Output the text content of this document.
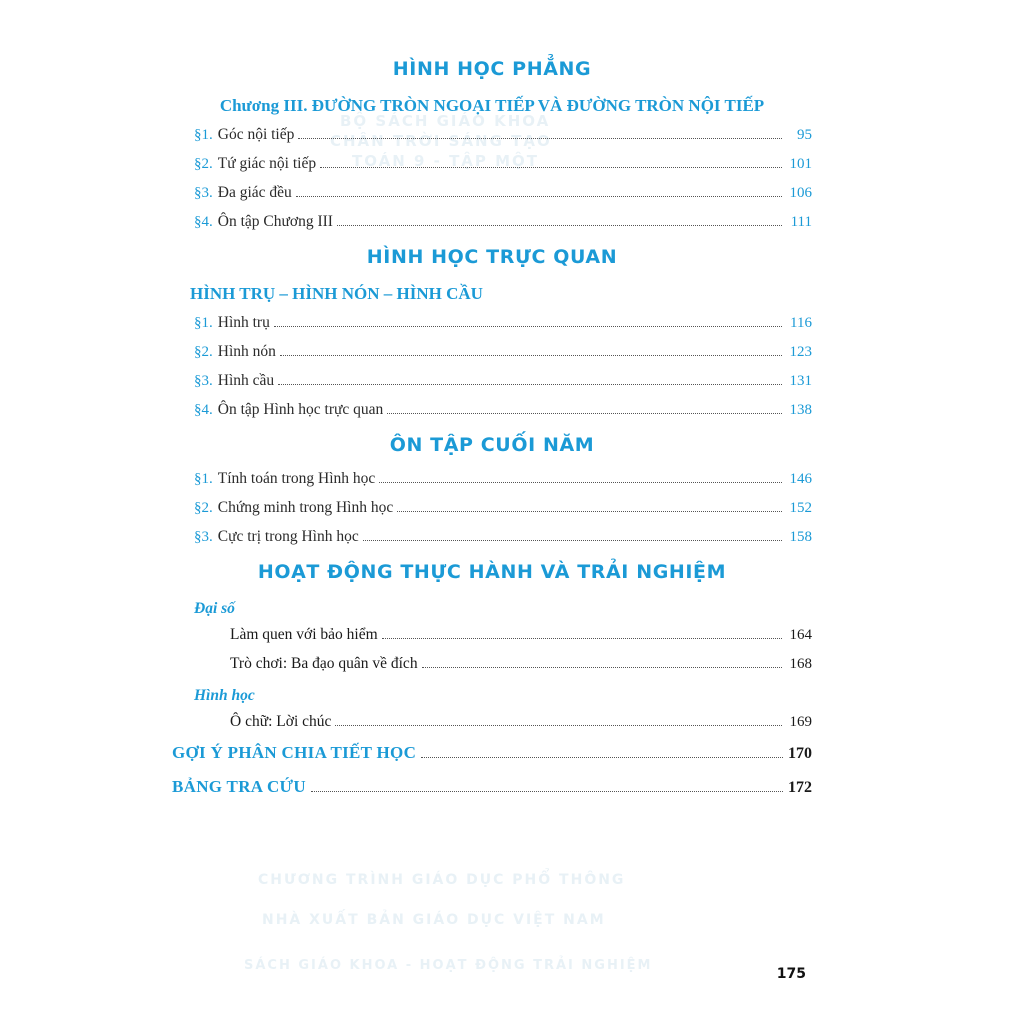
BỘ SÁCH GIÁO KHOA
CHÂN TRỜI SÁNG TẠO
TOÁN 9 - TẬP MỘT
CHƯƠNG TRÌNH GIÁO DỤC PHỔ THÔNG
NHÀ XUẤT BẢN GIÁO DỤC VIỆT NAM
SÁCH GIÁO KHOA - HOẠT ĐỘNG TRẢI NGHIỆM
HÌNH HỌC PHẲNG
Chương III. ĐƯỜNG TRÒN NGOẠI TIẾP VÀ ĐƯỜNG TRÒN NỘI TIẾP
§1. Góc nội tiếp	95
§2. Tứ giác nội tiếp	101
§3. Đa giác đều	106
§4. Ôn tập Chương III	111
HÌNH HỌC TRỰC QUAN
HÌNH TRỤ – HÌNH NÓN – HÌNH CẦU
§1. Hình trụ	116
§2. Hình nón	123
§3. Hình cầu	131
§4. Ôn tập Hình học trực quan	138
ÔN TẬP CUỐI NĂM
§1. Tính toán trong Hình học	146
§2. Chứng minh trong Hình học	152
§3. Cực trị trong Hình học	158
HOẠT ĐỘNG THỰC HÀNH VÀ TRẢI NGHIỆM
Đại số
Làm quen với bảo hiểm	164
Trò chơi: Ba đạo quân về đích	168
Hình học
Ô chữ: Lời chúc	169
GỢI Ý PHÂN CHIA TIẾT HỌC	170
BẢNG TRA CỨU	172
175
